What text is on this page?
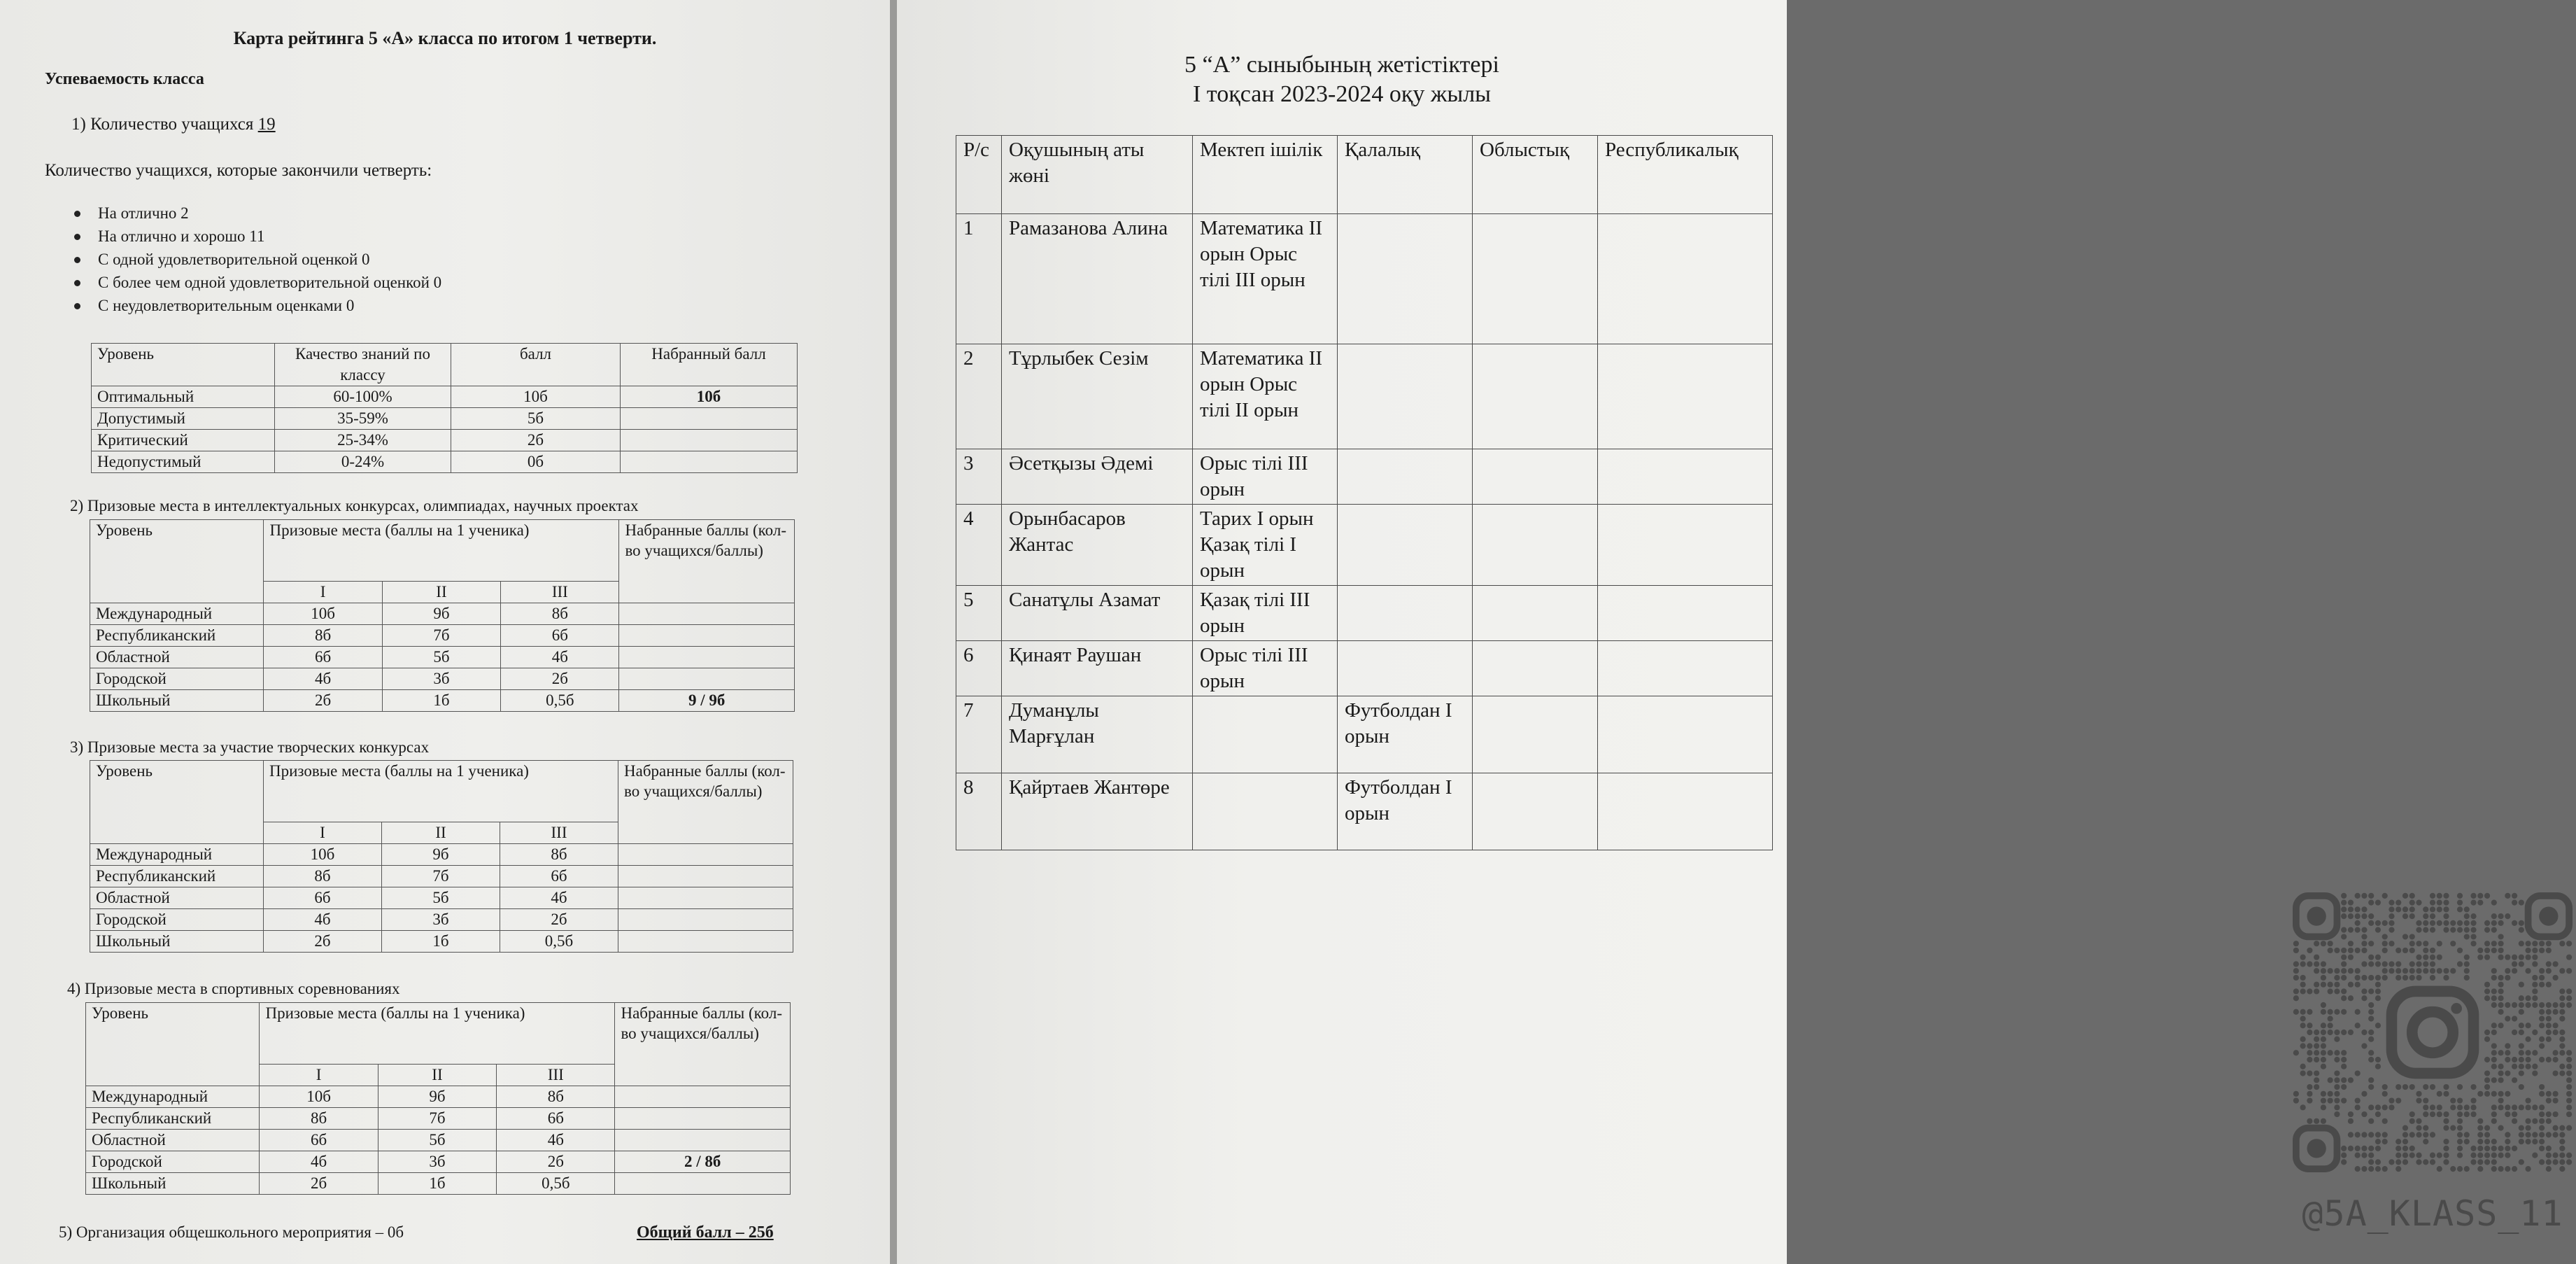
Карта рейтинга 5 «А» класса по итогом 1 четверти.
Успеваемость класса
1) Количество учащихся 19
Количество учащихся, которые закончили четверть:
На отлично 2
На отлично и хорошо 11
С одной удовлетворительной оценкой 0
С более чем одной удовлетворительной оценкой 0
С неудовлетворительным оценками 0
Уровень	Качество знаний по классу	балл	Набранный балл
Оптимальный	60-100%	10б	10б
Допустимый	35-59%	5б	
Критический	25-34%	2б	
Недопустимый	0-24%	0б	
2) Призовые места в интеллектуальных конкурсах, олимпиадах, научных проектах
Уровень	Призовые места (баллы на 1 ученика)			Набранные баллы (кол-во учащихся/баллы)
	I	II	III	
Международный	10б	9б	8б	
Республиканский	8б	7б	6б	
Областной	6б	5б	4б	
Городской	4б	3б	2б	
Школьный	2б	1б	0,5б	9 / 9б
3) Призовые места за участие творческих конкурсах
Уровень	Призовые места (баллы на 1 ученика)			Набранные баллы (кол-во учащихся/баллы)
	I	II	III	
Международный	10б	9б	8б	
Республиканский	8б	7б	6б	
Областной	6б	5б	4б	
Городской	4б	3б	2б	
Школьный	2б	1б	0,5б	
4) Призовые места в спортивных соревнованиях
Уровень	Призовые места (баллы на 1 ученика)			Набранные баллы (кол-во учащихся/баллы)
	I	II	III	
Международный	10б	9б	8б	
Республиканский	8б	7б	6б	
Областной	6б	5б	4б	
Городской	4б	3б	2б	2 / 8б
Школьный	2б	1б	0,5б	
5) Организация общешкольного мероприятия – 0б	Общий балл – 25б
5 “А” сыныбының жетістіктері
І тоқсан 2023-2024 оқу жылы
Р/с	Оқушының аты жөні	Мектеп ішілік	Қалалық	Облыстық	Республикалық
1	Рамазанова Алина	Математика ІІ орын Орыс тілі ІІІ орын			
2	Тұрлыбек Сезім	Математика ІІ орын Орыс тілі ІІ орын			
3	Әсетқызы Әдемі	Орыс тілі ІІІ орын			
4	Орынбасаров Жантас	Тарих І орын Қазақ тілі І орын			
5	Санатұлы Азамат	Қазақ тілі ІІІ орын			
6	Қинаят Раушан	Орыс тілі ІІІ орын			
7	Думанұлы Марғұлан		Футболдан І орын		
8	Қайртаев Жантөре		Футболдан І орын		
@5A_KLASS_11
